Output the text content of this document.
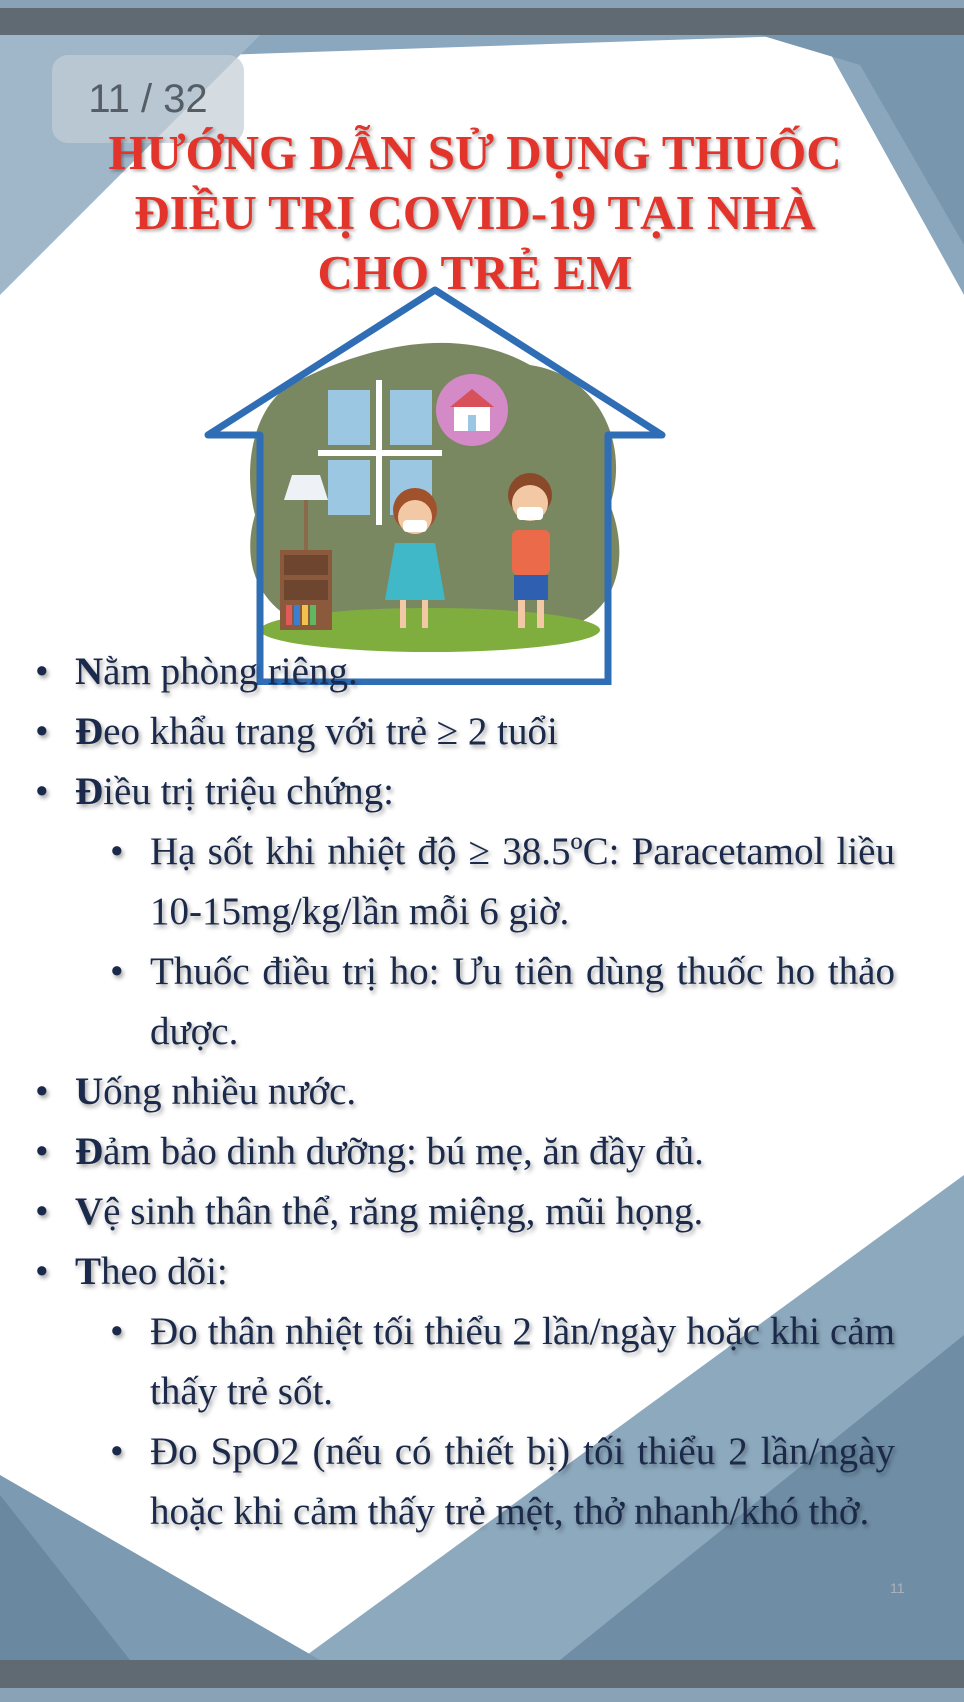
11 / 32
HƯỚNG DẪN SỬ DỤNG THUỐC
ĐIỀU TRỊ COVID-19 TẠI NHÀ
CHO TRẺ EM
• Nằm phòng riêng.
• Đeo khẩu trang với trẻ ≥ 2 tuổi
• Điều trị triệu chứng:
• Hạ sốt khi nhiệt độ ≥ 38.5ºC: Paracetamol liều 10-15mg/kg/lần mỗi 6 giờ.
• Thuốc điều trị ho: Ưu tiên dùng thuốc ho thảo dược.
• Uống nhiều nước.
• Đảm bảo dinh dưỡng: bú mẹ, ăn đầy đủ.
• Vệ sinh thân thể, răng miệng, mũi họng.
• Theo dõi:
• Đo thân nhiệt tối thiểu 2 lần/ngày hoặc khi cảm thấy trẻ sốt.
• Đo SpO2 (nếu có thiết bị) tối thiểu 2 lần/ngày hoặc khi cảm thấy trẻ mệt, thở nhanh/khó thở.
11
